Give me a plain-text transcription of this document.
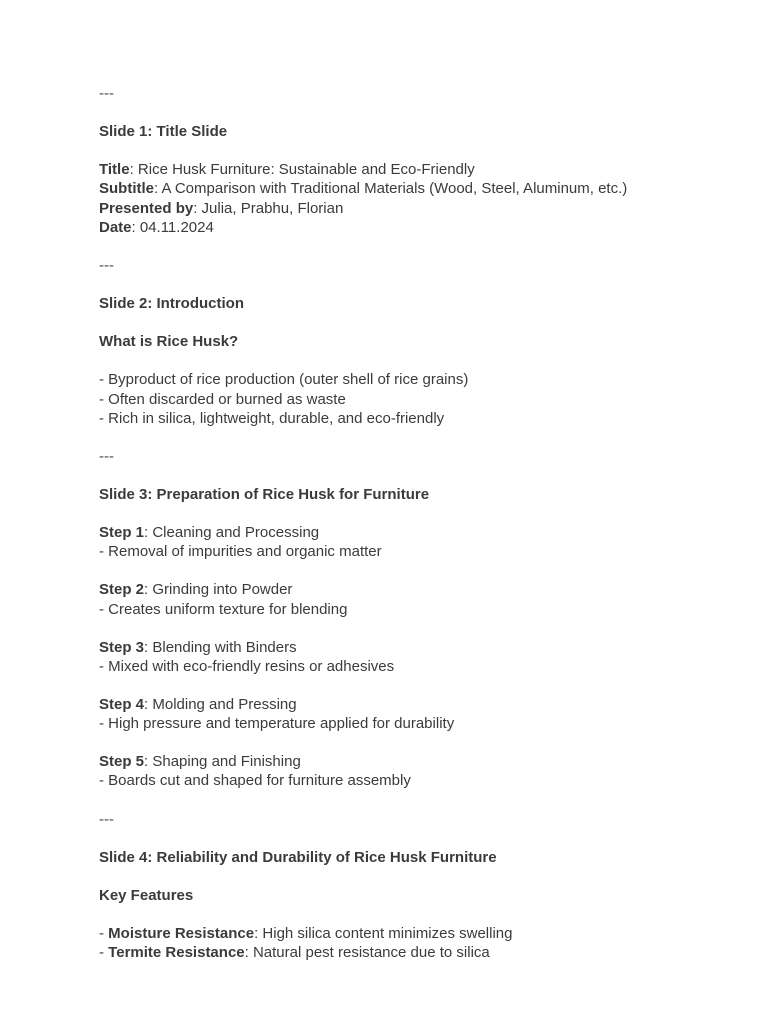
---
Slide 1: Title Slide
Title: Rice Husk Furniture: Sustainable and Eco-Friendly
Subtitle: A Comparison with Traditional Materials (Wood, Steel, Aluminum, etc.)
Presented by: Julia, Prabhu, Florian
Date: 04.11.2024
---
Slide 2: Introduction
What is Rice Husk?
- Byproduct of rice production (outer shell of rice grains)
- Often discarded or burned as waste
- Rich in silica, lightweight, durable, and eco-friendly
---
Slide 3: Preparation of Rice Husk for Furniture
Step 1: Cleaning and Processing
- Removal of impurities and organic matter
Step 2: Grinding into Powder
- Creates uniform texture for blending
Step 3: Blending with Binders
- Mixed with eco-friendly resins or adhesives
Step 4: Molding and Pressing
- High pressure and temperature applied for durability
Step 5: Shaping and Finishing
- Boards cut and shaped for furniture assembly
---
Slide 4: Reliability and Durability of Rice Husk Furniture
Key Features
- Moisture Resistance: High silica content minimizes swelling
- Termite Resistance: Natural pest resistance due to silica
